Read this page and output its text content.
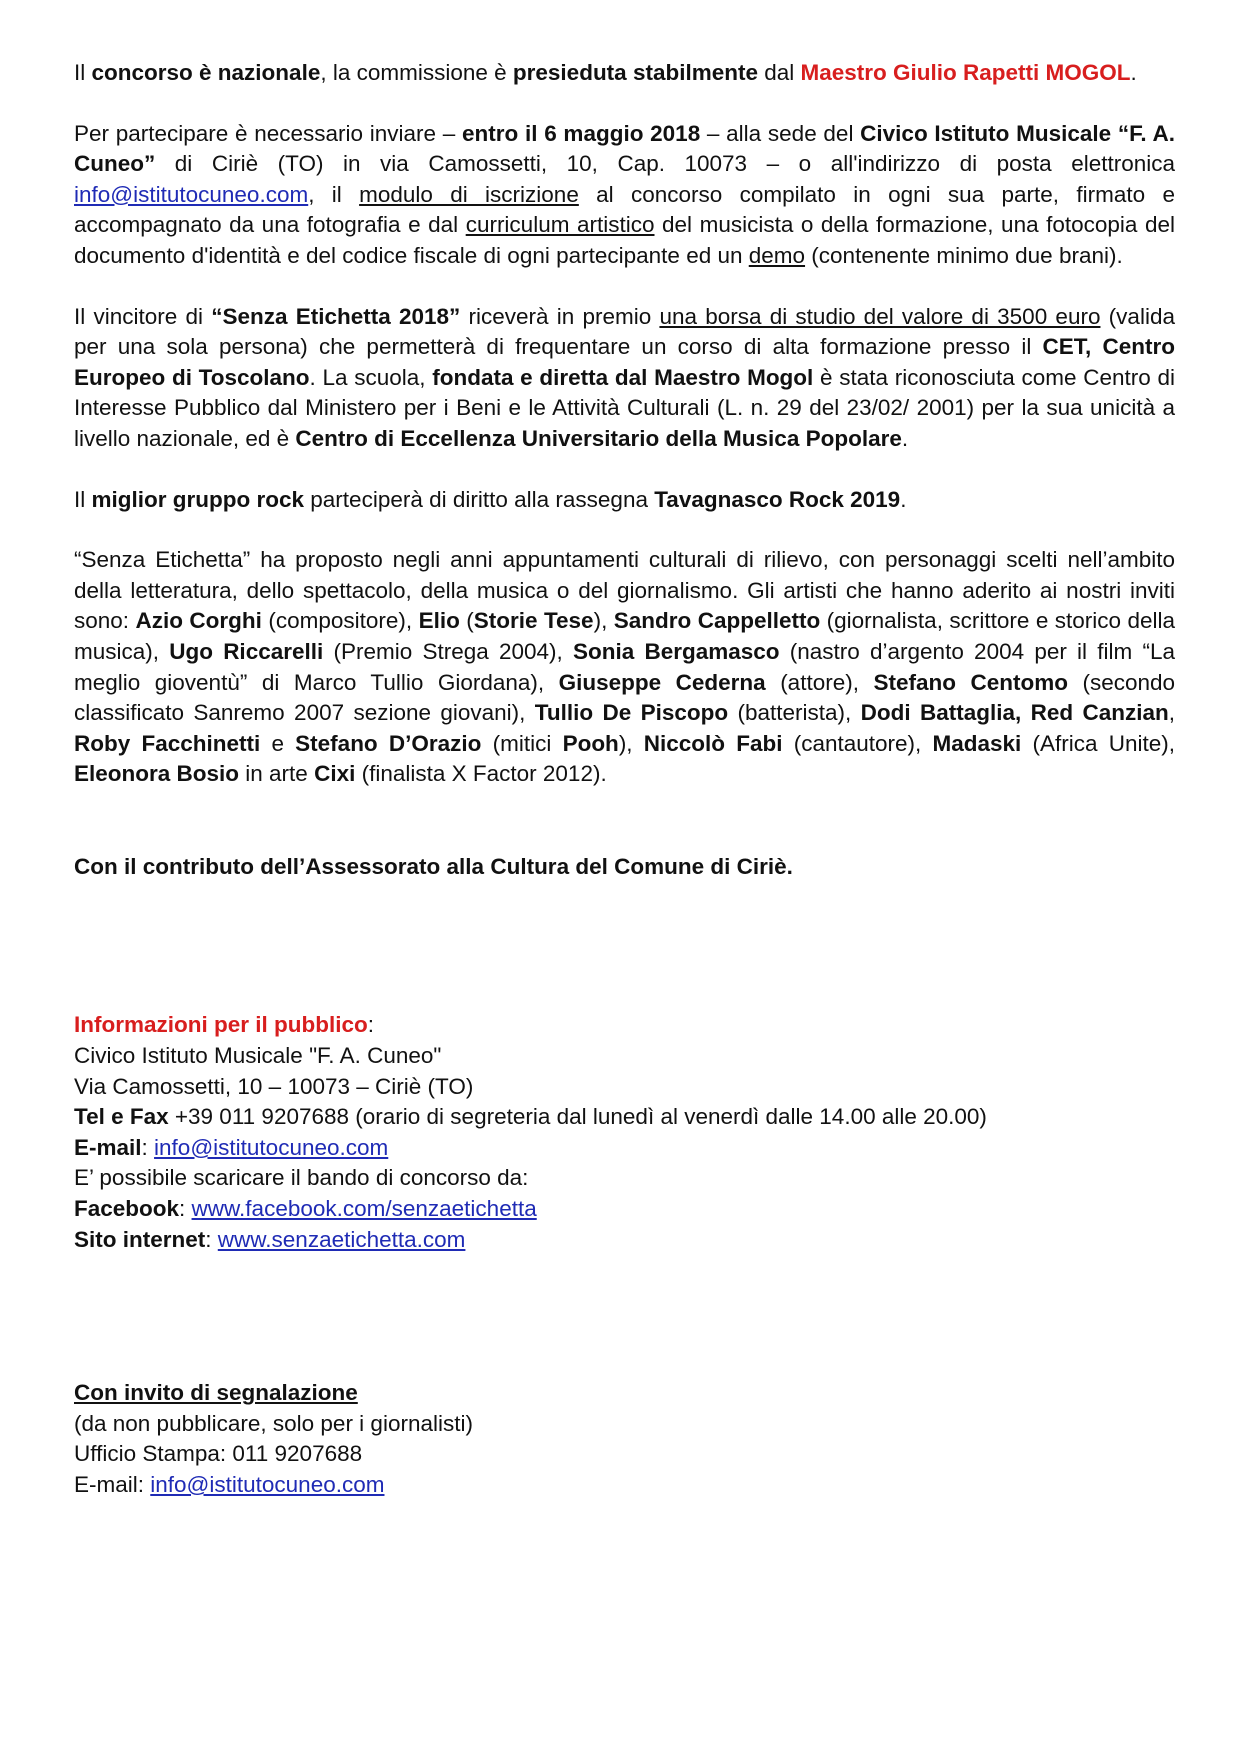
Il concorso è nazionale, la commissione è presieduta stabilmente dal Maestro Giulio Rapetti MOGOL.

Per partecipare è necessario inviare – entro il 6 maggio 2018 – alla sede del Civico Istituto Musicale “F. A. Cuneo” di Ciriè (TO) in via Camossetti, 10, Cap. 10073 – o all'indirizzo di posta elettronica info@istitutocuneo.com, il modulo di iscrizione al concorso compilato in ogni sua parte, firmato e accompagnato da una fotografia e dal curriculum artistico del musicista o della formazione, una fotocopia del documento d'identità e del codice fiscale di ogni partecipante ed un demo (contenente minimo due brani).

Il vincitore di “Senza Etichetta 2018” riceverà in premio una borsa di studio del valore di 3500 euro (valida per una sola persona) che permetterà di frequentare un corso di alta formazione presso il CET, Centro Europeo di Toscolano. La scuola, fondata e diretta dal Maestro Mogol è stata riconosciuta come Centro di Interesse Pubblico dal Ministero per i Beni e le Attività Culturali (L. n. 29 del 23/02/ 2001) per la sua unicità a livello nazionale, ed è Centro di Eccellenza Universitario della Musica Popolare.

Il miglior gruppo rock parteciperà di diritto alla rassegna Tavagnasco Rock 2019.

“Senza Etichetta” ha proposto negli anni appuntamenti culturali di rilievo, con personaggi scelti nell’ambito della letteratura, dello spettacolo, della musica o del giornalismo. Gli artisti che hanno aderito ai nostri inviti sono: Azio Corghi (compositore), Elio (Storie Tese), Sandro Cappelletto (giornalista, scrittore e storico della musica), Ugo Riccarelli (Premio Strega 2004), Sonia Bergamasco (nastro d’argento 2004 per il film “La meglio gioventù” di Marco Tullio Giordana), Giuseppe Cederna (attore), Stefano Centomo (secondo classificato Sanremo 2007 sezione giovani), Tullio De Piscopo (batterista), Dodi Battaglia, Red Canzian, Roby Facchinetti e Stefano D’Orazio (mitici Pooh), Niccolò Fabi (cantautore), Madaski (Africa Unite), Eleonora Bosio in arte Cixi (finalista X Factor 2012).

Con il contributo dell’Assessorato alla Cultura del Comune di Ciriè.

Informazioni per il pubblico:

Civico Istituto Musicale "F. A. Cuneo"

Via Camossetti, 10 – 10073 – Ciriè (TO)

Tel e Fax +39 011 9207688 (orario di segreteria dal lunedì al venerdì dalle 14.00 alle 20.00)

E-mail: info@istitutocuneo.com

E’ possibile scaricare il bando di concorso da:

Facebook: www.facebook.com/senzaetichetta

Sito internet: www.senzaetichetta.com

Con invito di segnalazione

(da non pubblicare, solo per i giornalisti)

Ufficio Stampa: 011 9207688

E-mail: info@istitutocuneo.com
